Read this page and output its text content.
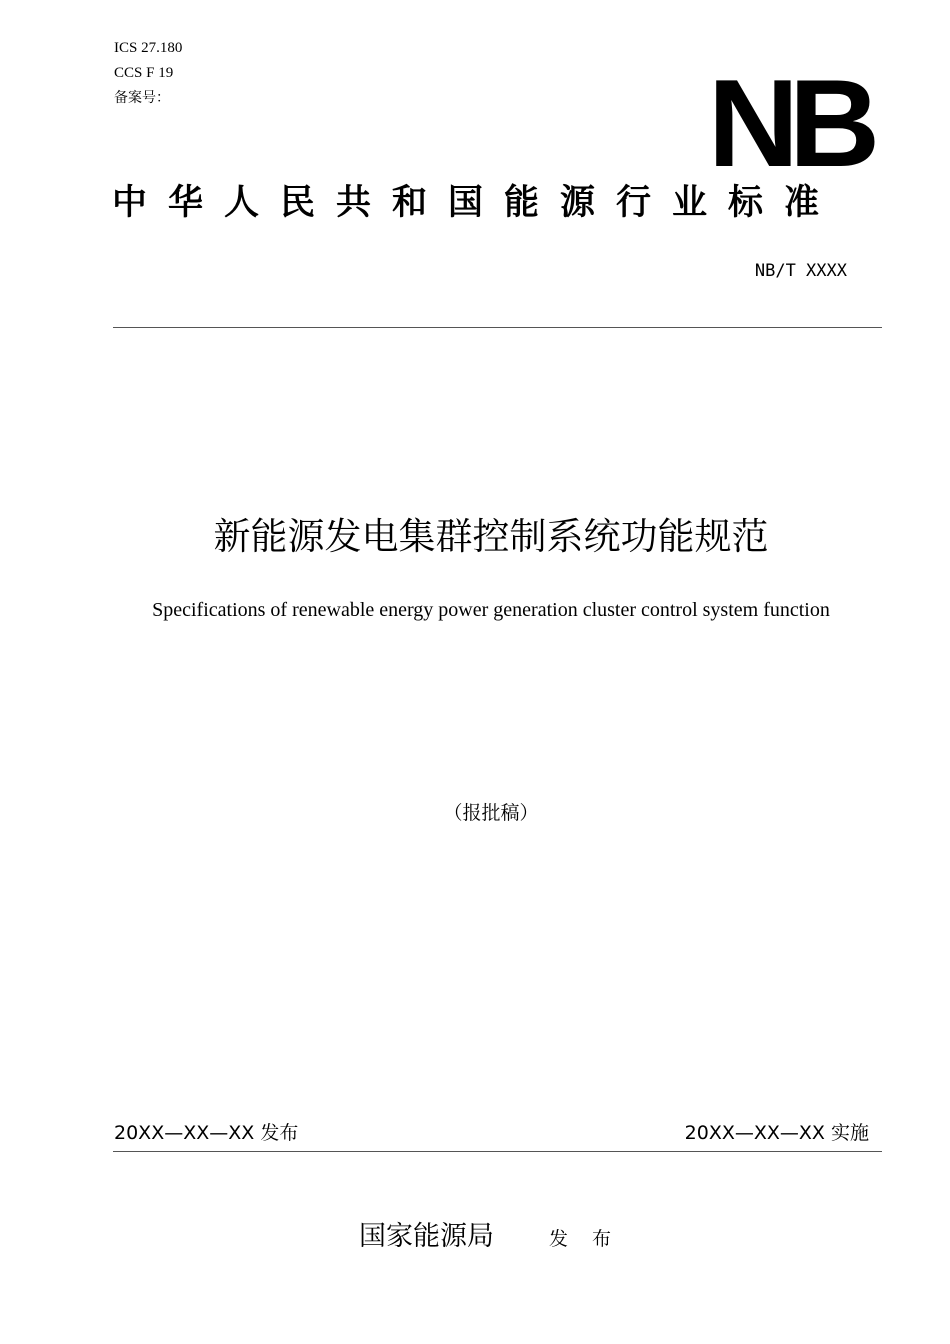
ICS 27.180
CCS F 19
备案号：	NB
中华人民共和国能源行业标准
NB/T XXXX
新能源发电集群控制系统功能规范
Specifications of renewable energy power generation cluster control system function
（报批稿）
20XX—XX—XX 发布	20XX—XX—XX 实施
国家能源局	发布
